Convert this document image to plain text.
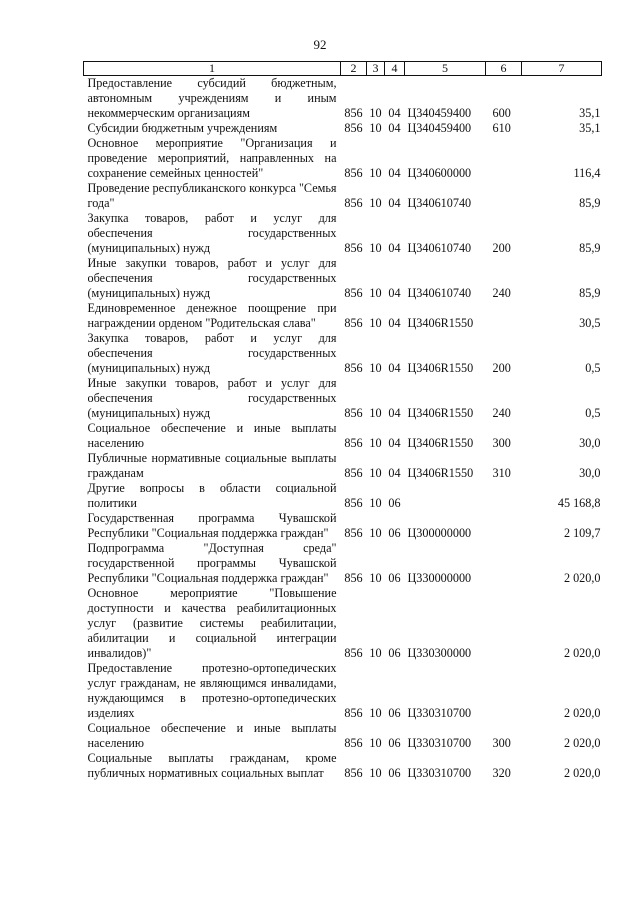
92
1	2	3	4	5	6	7
Предоставление субсидий бюджетным, автономным учреждениям и иным некоммерческим организациям	856	10	04	Ц340459400	600	35,1
Субсидии бюджетным учреждениям	856	10	04	Ц340459400	610	35,1
Основное мероприятие "Организация и проведение мероприятий, направленных на сохранение семейных ценностей"	856	10	04	Ц340600000		116,4
Проведение республиканского конкурса "Семья года"	856	10	04	Ц340610740		85,9
Закупка товаров, работ и услуг для обеспечения государственных (муниципальных) нужд	856	10	04	Ц340610740	200	85,9
Иные закупки товаров, работ и услуг для обеспечения государственных (муниципальных) нужд	856	10	04	Ц340610740	240	85,9
Единовременное денежное поощрение при награждении орденом "Родительская слава"	856	10	04	Ц3406R1550		30,5
Закупка товаров, работ и услуг для обеспечения государственных (муниципальных) нужд	856	10	04	Ц3406R1550	200	0,5
Иные закупки товаров, работ и услуг для обеспечения государственных (муниципальных) нужд	856	10	04	Ц3406R1550	240	0,5
Социальное обеспечение и иные выплаты населению	856	10	04	Ц3406R1550	300	30,0
Публичные нормативные социальные выплаты гражданам	856	10	04	Ц3406R1550	310	30,0
Другие вопросы в области социальной политики	856	10	06			45 168,8
Государственная программа Чувашской Республики "Социальная поддержка граждан"	856	10	06	Ц300000000		2 109,7
Подпрограмма "Доступная среда" государственной программы Чувашской Республики "Социальная поддержка граждан"	856	10	06	Ц330000000		2 020,0
Основное мероприятие "Повышение доступности и качества реабилитационных услуг (развитие системы реабилитации, абилитации и социальной интеграции инвалидов)"	856	10	06	Ц330300000		2 020,0
Предоставление протезно-ортопедических услуг гражданам, не являющимся инвалидами, нуждающимся в протезно-ортопедических изделиях	856	10	06	Ц330310700		2 020,0
Социальное обеспечение и иные выплаты населению	856	10	06	Ц330310700	300	2 020,0
Социальные выплаты гражданам, кроме публичных нормативных социальных выплат	856	10	06	Ц330310700	320	2 020,0
